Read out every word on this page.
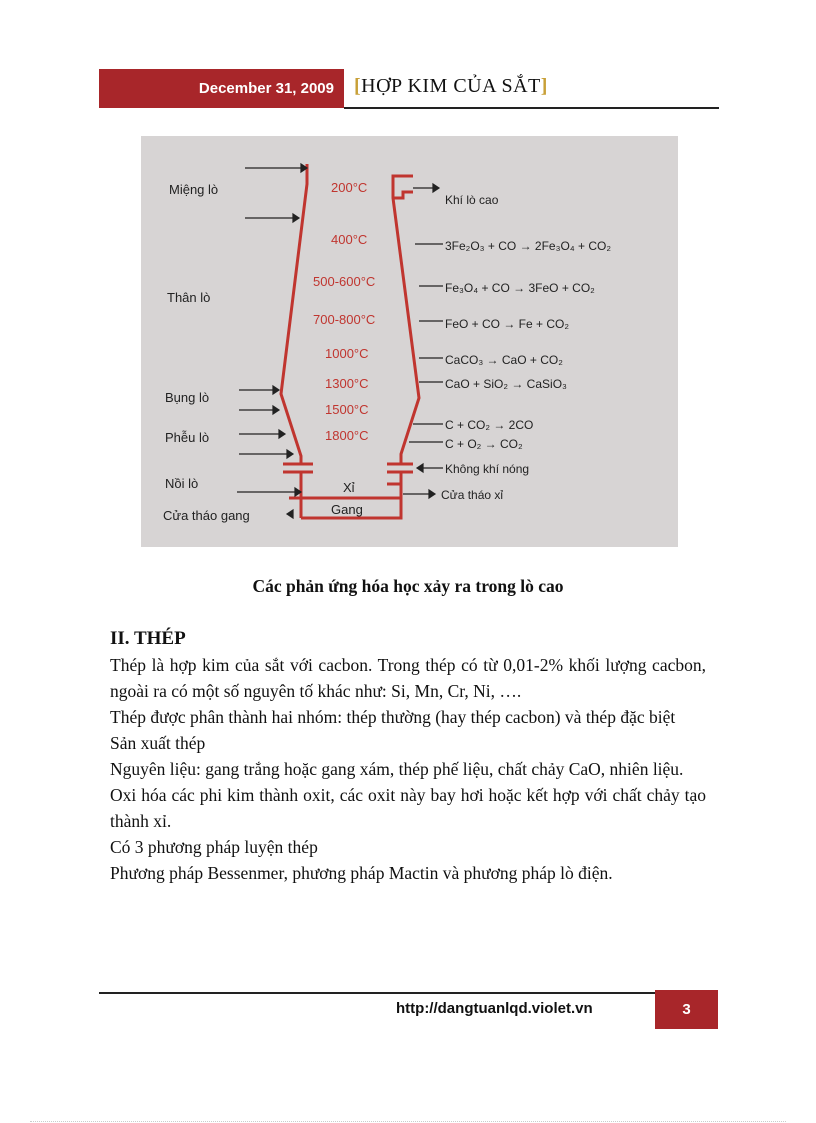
December 31, 2009	[HỢP KIM CỦA SẮT]
Miệng lò
Thân lò
Bụng lò
Phễu lò
Nồi lò
Cửa tháo gang
200°C
400°C
500-600°C
700-800°C
1000°C
1300°C
1500°C
1800°C
Khí lò cao
3Fe₂O₃ + CO → 2Fe₃O₄ + CO₂
Fe₃O₄ + CO → 3FeO + CO₂
FeO + CO → Fe + CO₂
CaCO₃ → CaO + CO₂
CaO + SiO₂ → CaSiO₃
C + CO₂ → 2CO
C + O₂ → CO₂
Không khí nóng
Cửa tháo xỉ
Xỉ
Gang
Các phản ứng hóa học xảy ra trong lò cao
II. THÉP

Thép là hợp kim của sắt với cacbon. Trong thép có từ 0,01-2% khối lượng cacbon, ngoài ra có một số nguyên tố khác như: Si, Mn, Cr, Ni, ….

Thép được phân thành hai nhóm: thép thường (hay thép cacbon) và thép đặc biệt

Sản xuất thép

Nguyên liệu: gang trắng hoặc gang xám, thép phế liệu, chất chảy CaO, nhiên liệu.

Oxi hóa các phi kim thành oxit, các oxit này bay hơi hoặc kết hợp với chất chảy tạo thành xỉ.

Có 3 phương pháp luyện thép

Phương pháp Bessenmer, phương pháp Mactin và phương pháp lò điện.

http://dangtuanlqd.violet.vn	3
